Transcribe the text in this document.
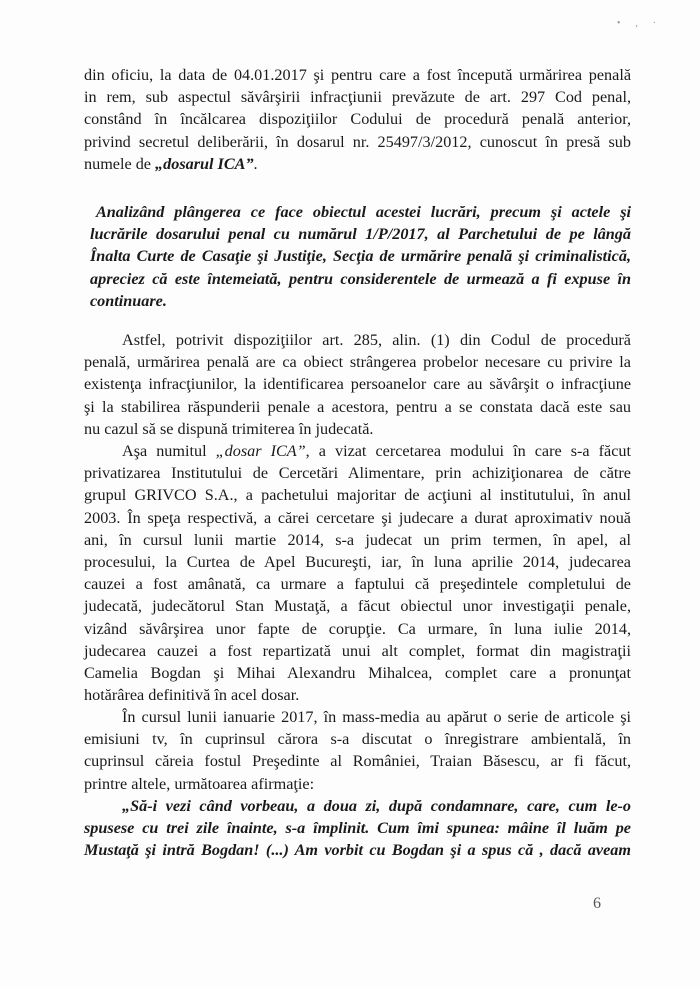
• ‚ ·
din oficiu, la data de 04.01.2017 şi pentru care a fost începută urmărirea penală
in rem, sub aspectul săvârşirii infracţiunii prevăzute de art. 297 Cod penal,
constând în încălcarea dispoziţiilor Codului de procedură penală anterior,
privind secretul deliberării, în dosarul nr. 25497/3/2012, cunoscut în presă sub
numele de „dosarul ICA”.
Analizând plângerea ce face obiectul acestei lucrări, precum şi actele şi
lucrările dosarului penal cu numărul 1/P/2017, al Parchetului de pe lângă
Înalta Curte de Casaţie şi Justiţie, Secţia de urmărire penală şi criminalistică,
apreciez că este întemeiată, pentru considerentele de urmează a fi expuse în
continuare.
Astfel, potrivit dispoziţiilor art. 285, alin. (1) din Codul de procedură
penală, urmărirea penală are ca obiect strângerea probelor necesare cu privire la
existenţa infracţiunilor, la identificarea persoanelor care au săvârşit o infracţiune
şi la stabilirea răspunderii penale a acestora, pentru a se constata dacă este sau
nu cazul să se dispună trimiterea în judecată.
Aşa numitul „dosar ICA”, a vizat cercetarea modului în care s-a făcut
privatizarea Institutului de Cercetări Alimentare, prin achiziţionarea de către
grupul GRIVCO S.A., a pachetului majoritar de acţiuni al institutului, în anul
2003. În speţa respectivă, a cărei cercetare şi judecare a durat aproximativ nouă
ani, în cursul lunii martie 2014, s-a judecat un prim termen, în apel, al
procesului, la Curtea de Apel Bucureşti, iar, în luna aprilie 2014, judecarea
cauzei a fost amânată, ca urmare a faptului că preşedintele completului de
judecată, judecătorul Stan Mustaţă, a făcut obiectul unor investigaţii penale,
vizând săvârşirea unor fapte de corupţie. Ca urmare, în luna iulie 2014,
judecarea cauzei a fost repartizată unui alt complet, format din magistraţii
Camelia Bogdan şi Mihai Alexandru Mihalcea, complet care a pronunţat
hotărârea definitivă în acel dosar.
În cursul lunii ianuarie 2017, în mass-media au apărut o serie de articole şi
emisiuni tv, în cuprinsul cărora s-a discutat o înregistrare ambientală, în
cuprinsul căreia fostul Preşedinte al României, Traian Băsescu, ar fi făcut,
printre altele, următoarea afirmaţie:
„Să-i vezi când vorbeau, a doua zi, după condamnare, care, cum le-o
spusese cu trei zile înainte, s-a împlinit. Cum îmi spunea: mâine îl luăm pe
Mustaţă şi intră Bogdan! (...) Am vorbit cu Bogdan şi a spus că , dacă aveam
6
